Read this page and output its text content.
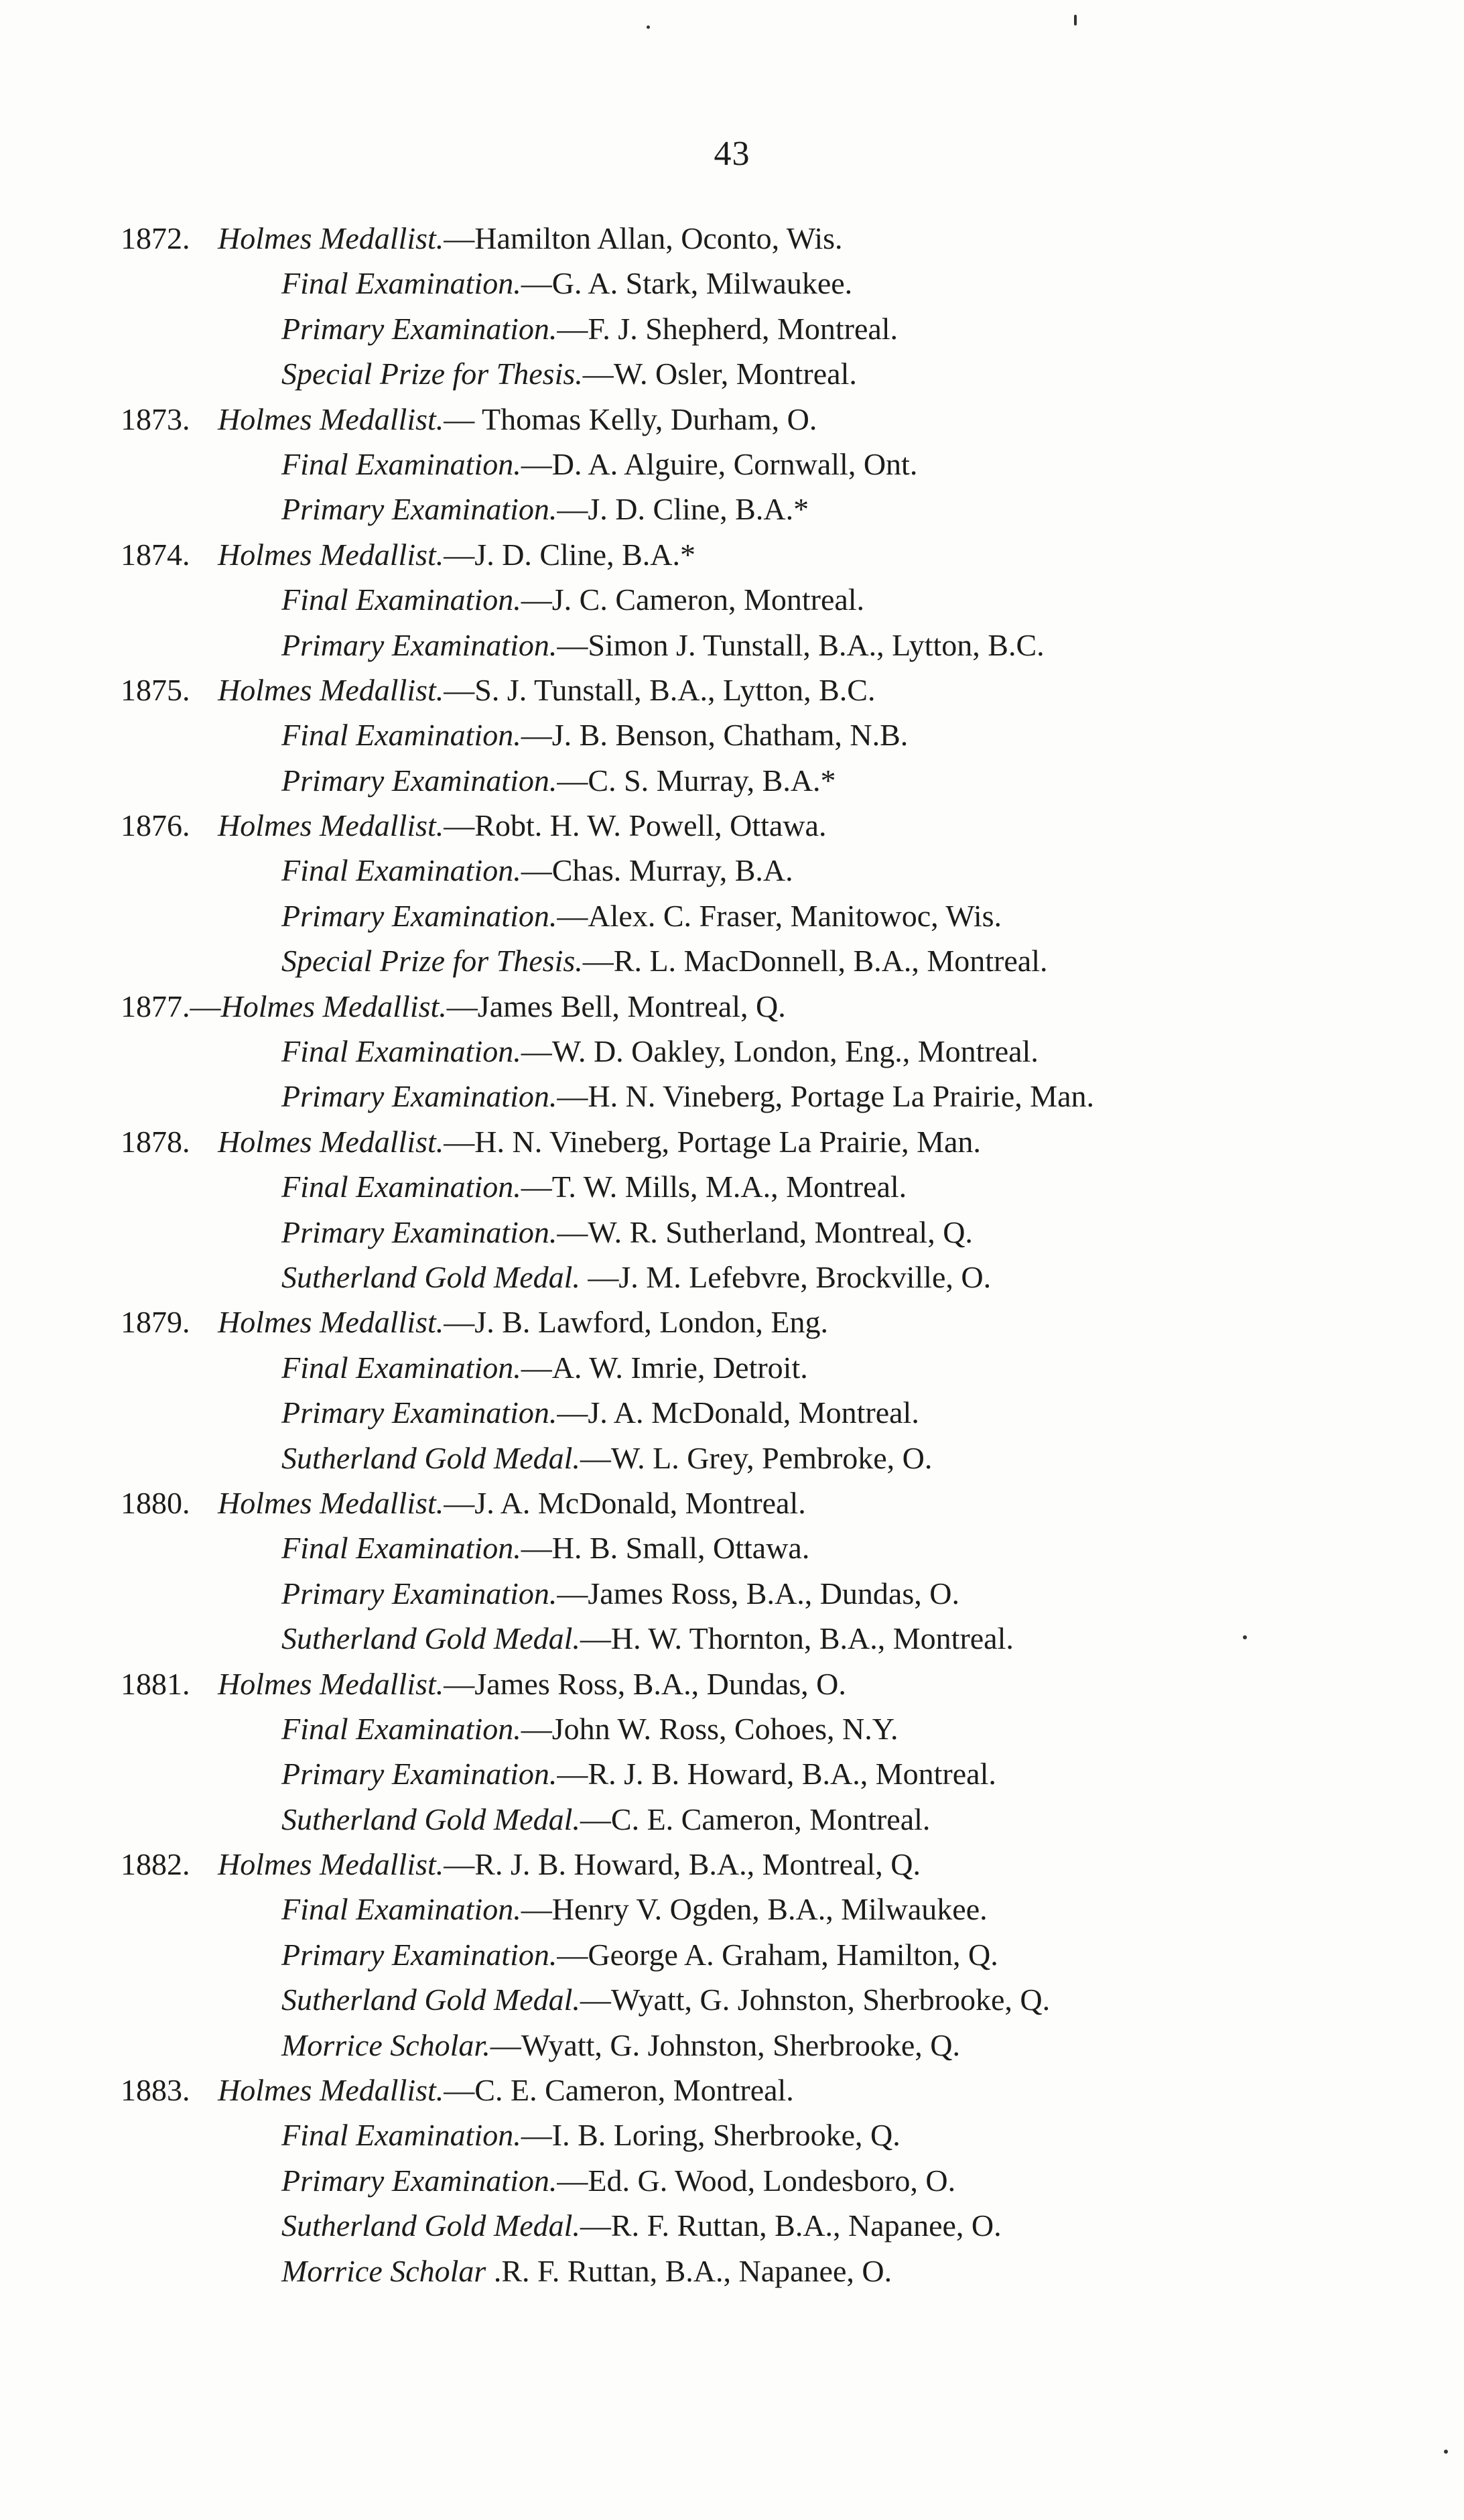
43
1872. Holmes Medallist.—Hamilton Allan, Oconto, Wis.
Final Examination.—G. A. Stark, Milwaukee.
Primary Examination.—F. J. Shepherd, Montreal.
Special Prize for Thesis.—W. Osler, Montreal.
1873. Holmes Medallist.— Thomas Kelly, Durham, O.
Final Examination.—D. A. Alguire, Cornwall, Ont.
Primary Examination.—J. D. Cline, B.A.*
1874. Holmes Medallist.—J. D. Cline, B.A.*
Final Examination.—J. C. Cameron, Montreal.
Primary Examination.—Simon J. Tunstall, B.A., Lytton, B.C.
1875. Holmes Medallist.—S. J. Tunstall, B.A., Lytton, B.C.
Final Examination.—J. B. Benson, Chatham, N.B.
Primary Examination.—C. S. Murray, B.A.*
1876. Holmes Medallist.—Robt. H. W. Powell, Ottawa.
Final Examination.—Chas. Murray, B.A.
Primary Examination.—Alex. C. Fraser, Manitowoc, Wis.
Special Prize for Thesis.—R. L. MacDonnell, B.A., Montreal.
1877.—Holmes Medallist.—James Bell, Montreal, Q.
Final Examination.—W. D. Oakley, London, Eng., Montreal.
Primary Examination.—H. N. Vineberg, Portage La Prairie, Man.
1878. Holmes Medallist.—H. N. Vineberg, Portage La Prairie, Man.
Final Examination.—T. W. Mills, M.A., Montreal.
Primary Examination.—W. R. Sutherland, Montreal, Q.
Sutherland Gold Medal. —J. M. Lefebvre, Brockville, O.
1879. Holmes Medallist.—J. B. Lawford, London, Eng.
Final Examination.—A. W. Imrie, Detroit.
Primary Examination.—J. A. McDonald, Montreal.
Sutherland Gold Medal.—W. L. Grey, Pembroke, O.
1880. Holmes Medallist.—J. A. McDonald, Montreal.
Final Examination.—H. B. Small, Ottawa.
Primary Examination.—James Ross, B.A., Dundas, O.
Sutherland Gold Medal.—H. W. Thornton, B.A., Montreal.
1881. Holmes Medallist.—James Ross, B.A., Dundas, O.
Final Examination.—John W. Ross, Cohoes, N.Y.
Primary Examination.—R. J. B. Howard, B.A., Montreal.
Sutherland Gold Medal.—C. E. Cameron, Montreal.
1882. Holmes Medallist.—R. J. B. Howard, B.A., Montreal, Q.
Final Examination.—Henry V. Ogden, B.A., Milwaukee.
Primary Examination.—George A. Graham, Hamilton, Q.
Sutherland Gold Medal.—Wyatt, G. Johnston, Sherbrooke, Q.
Morrice Scholar.—Wyatt, G. Johnston, Sherbrooke, Q.
1883. Holmes Medallist.—C. E. Cameron, Montreal.
Final Examination.—I. B. Loring, Sherbrooke, Q.
Primary Examination.—Ed. G. Wood, Londesboro, O.
Sutherland Gold Medal.—R. F. Ruttan, B.A., Napanee, O.
Morrice Scholar .R. F. Ruttan, B.A., Napanee, O.
